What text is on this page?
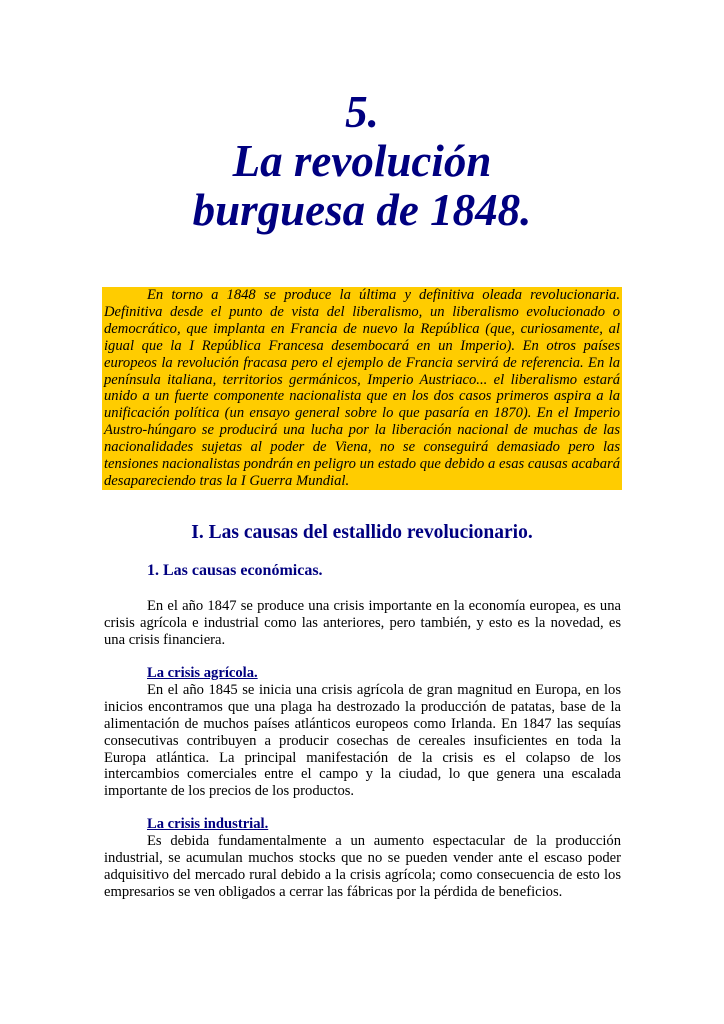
5.
La revolución
burguesa de 1848.
En torno a 1848 se produce la última y definitiva oleada revolucionaria. Definitiva desde el punto de vista del liberalismo, un liberalismo evolucionado o democrático, que implanta en Francia de nuevo la República (que, curiosamente, al igual que la I República Francesa desembocará en un Imperio). En otros países europeos la revolución fracasa pero el ejemplo de Francia servirá de referencia. En la península italiana, territorios germánicos, Imperio Austriaco... el liberalismo estará unido a un fuerte componente nacionalista que en los dos casos primeros aspira a la unificación política (un ensayo general sobre lo que pasaría en 1870). En el Imperio Austro-húngaro se producirá una lucha por la liberación nacional de muchas de las nacionalidades sujetas al poder de Viena, no se conseguirá demasiado pero las tensiones nacionalistas pondrán en peligro un estado que debido a esas causas acabará desapareciendo tras la I Guerra Mundial.
I. Las causas del estallido revolucionario.
1. Las causas económicas.
En el año 1847 se produce una crisis importante en la economía europea, es una crisis agrícola e industrial como las anteriores, pero también, y esto es la novedad, es una crisis financiera.
La crisis agrícola.
En el año 1845 se inicia una crisis agrícola de gran magnitud en Europa, en los inicios encontramos que una plaga ha destrozado la producción de patatas, base de la alimentación de muchos países atlánticos europeos como Irlanda. En 1847 las sequías consecutivas contribuyen a producir cosechas de cereales insuficientes en toda la Europa atlántica. La principal manifestación de la crisis es el colapso de los intercambios comerciales entre el campo y la ciudad, lo que genera una escalada importante de los precios de los productos.
La crisis industrial.
Es debida fundamentalmente a un aumento espectacular de la producción industrial, se acumulan muchos stocks que no se pueden vender ante el escaso poder adquisitivo del mercado rural debido a la crisis agrícola; como consecuencia de esto los empresarios se ven obligados a cerrar las fábricas por la pérdida de beneficios.
